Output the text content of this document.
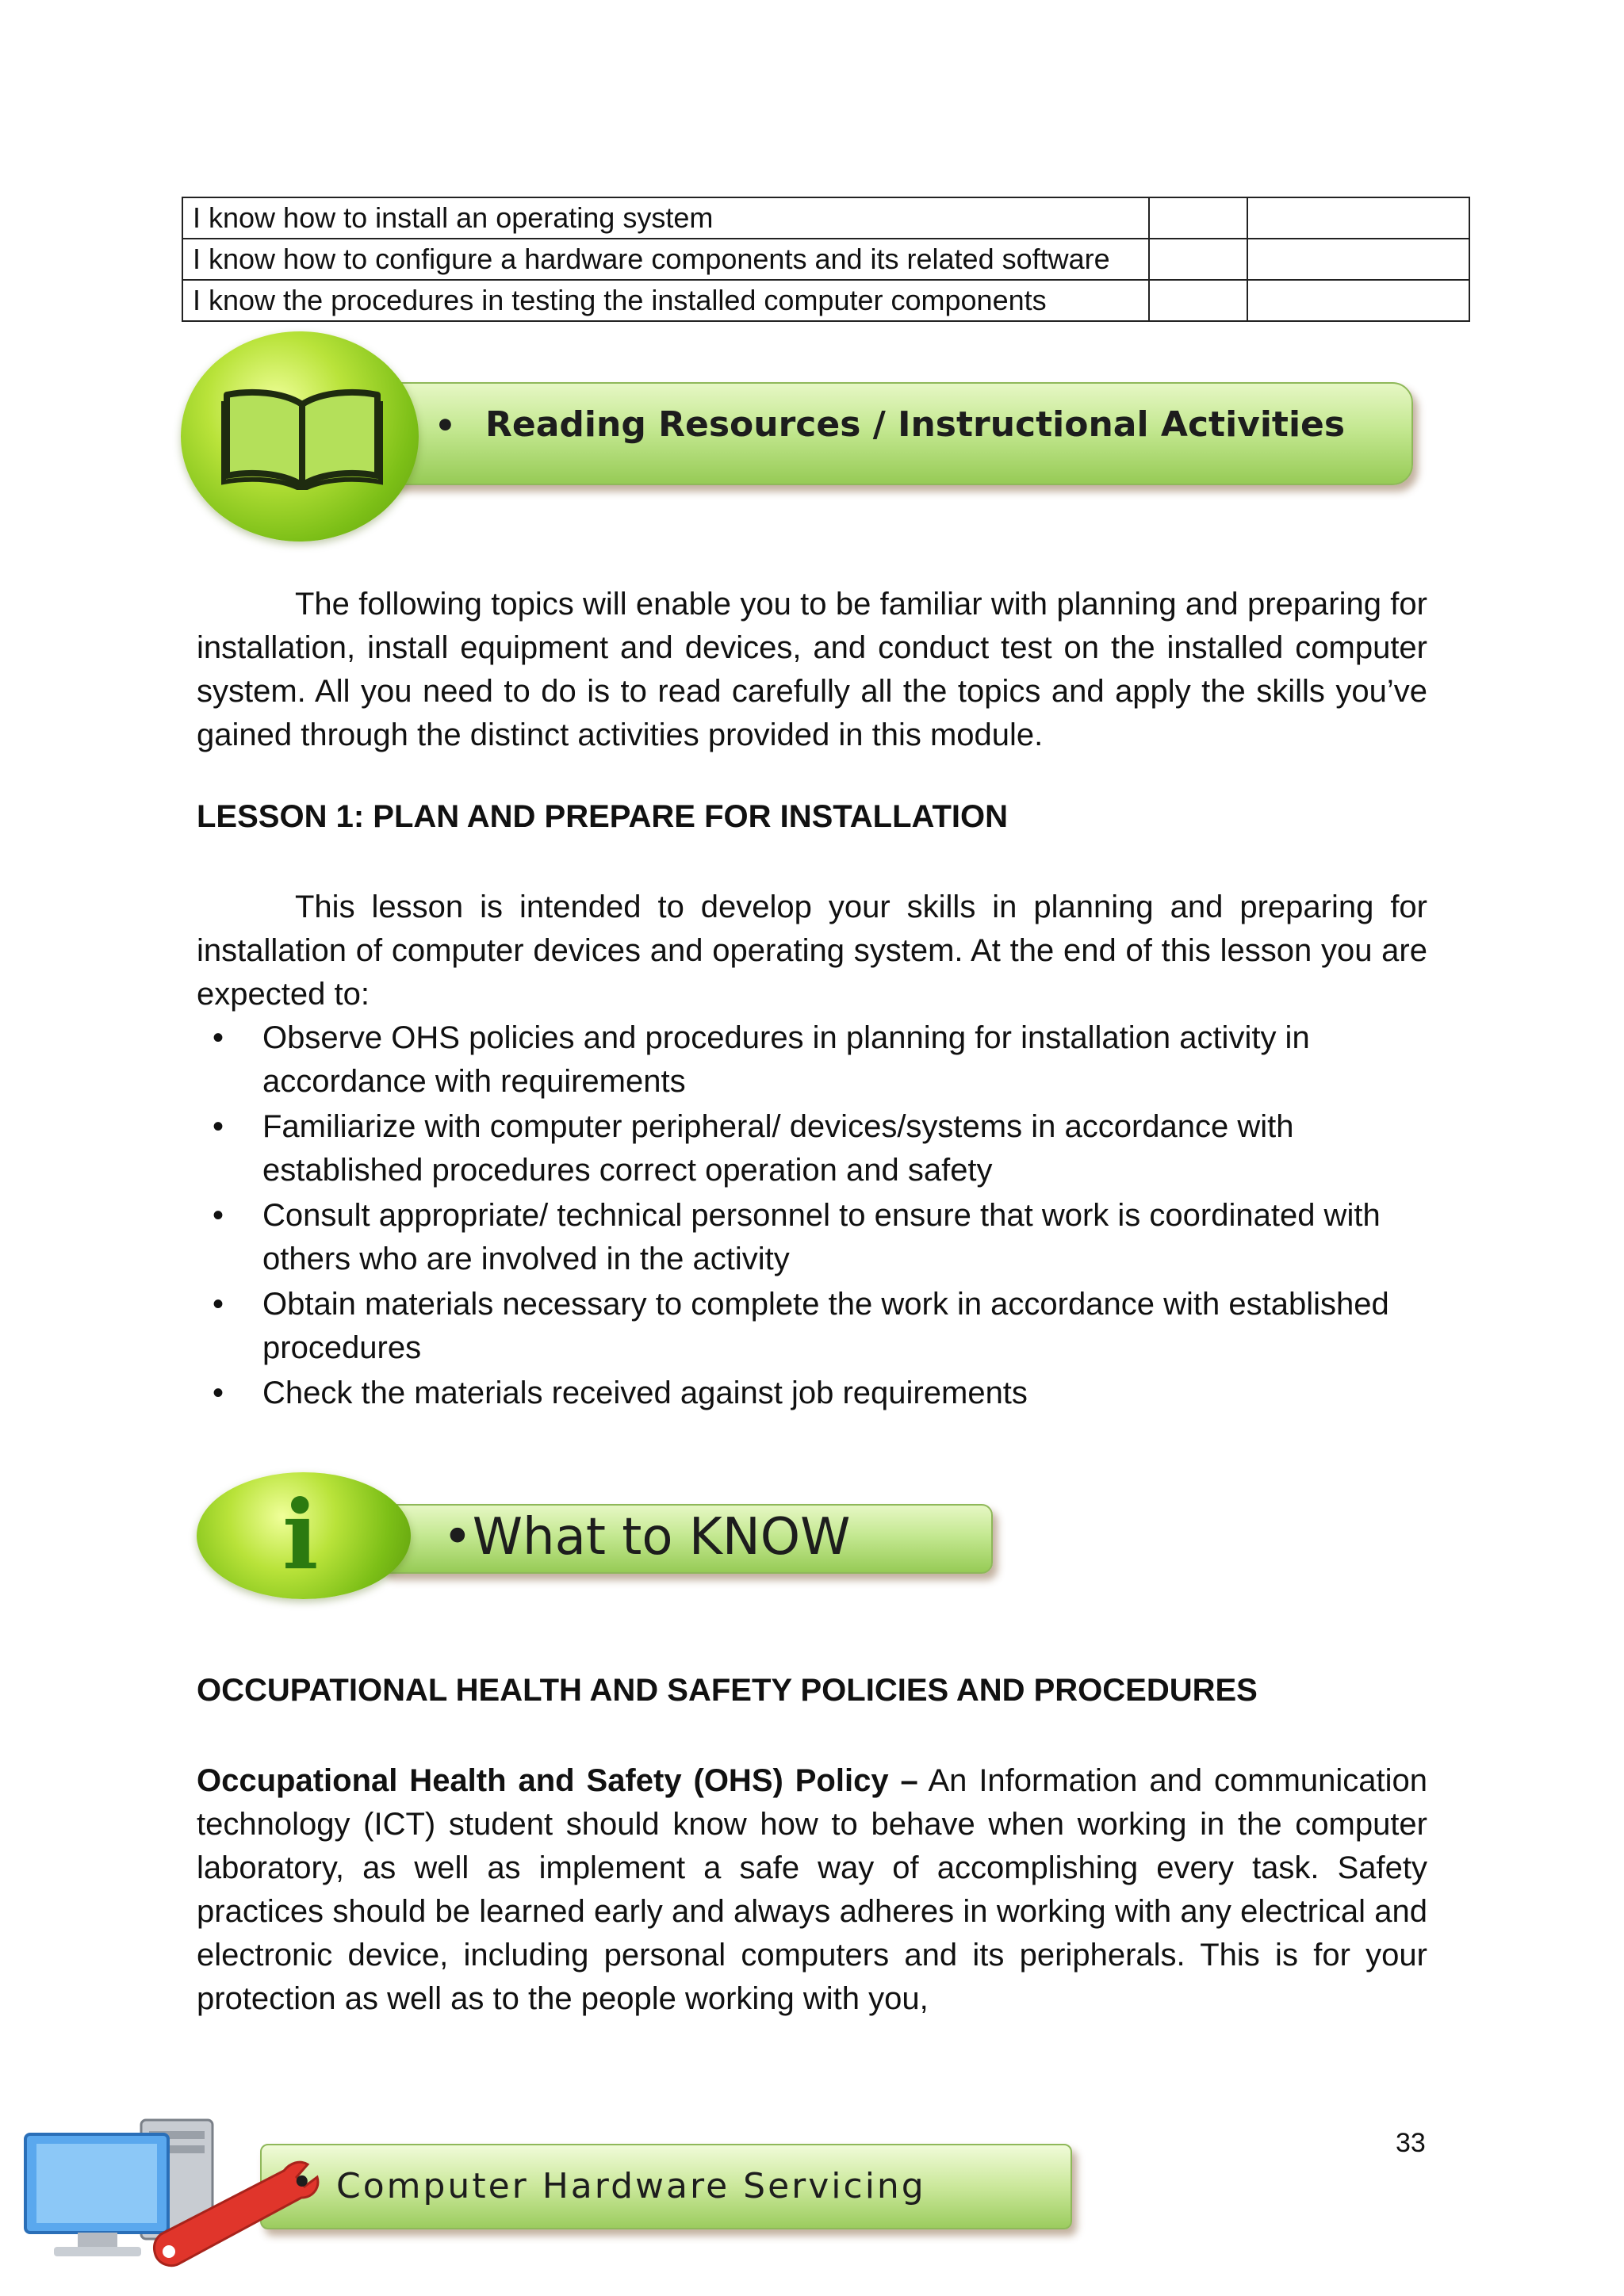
I know how to install an operating system		
I know how to configure a hardware components and its related software		
I know the procedures in testing the installed computer components		
• Reading Resources / Instructional Activities

The following topics will enable you to be familiar with planning and preparing for installation, install equipment and devices, and conduct test on the installed computer system. All you need to do is to read carefully all the topics and apply the skills you’ve gained through the distinct activities provided in this module.

LESSON 1: PLAN AND PREPARE FOR INSTALLATION

This lesson is intended to develop your skills in planning and preparing for installation of computer devices and operating system. At the end of this lesson you are expected to:

• Observe OHS policies and procedures in planning for installation activity in accordance with requirements
• Familiarize with computer peripheral/ devices/systems in accordance with established procedures correct operation and safety
• Consult appropriate/ technical personnel to ensure that work is coordinated with others who are involved in the activity
• Obtain materials necessary to complete the work in accordance with established procedures
• Check the materials received against job requirements
i •What to KNOW
OCCUPATIONAL HEALTH AND SAFETY POLICIES AND PROCEDURES

Occupational Health and Safety (OHS) Policy – An Information and communication technology (ICT) student should know how to behave when working in the computer laboratory, as well as implement a safe way of accomplishing every task. Safety practices should be learned early and always adheres in working with any electrical and electronic device, including personal computers and its peripherals. This is for your protection as well as to the people working with you,

• Computer Hardware Servicing
33
